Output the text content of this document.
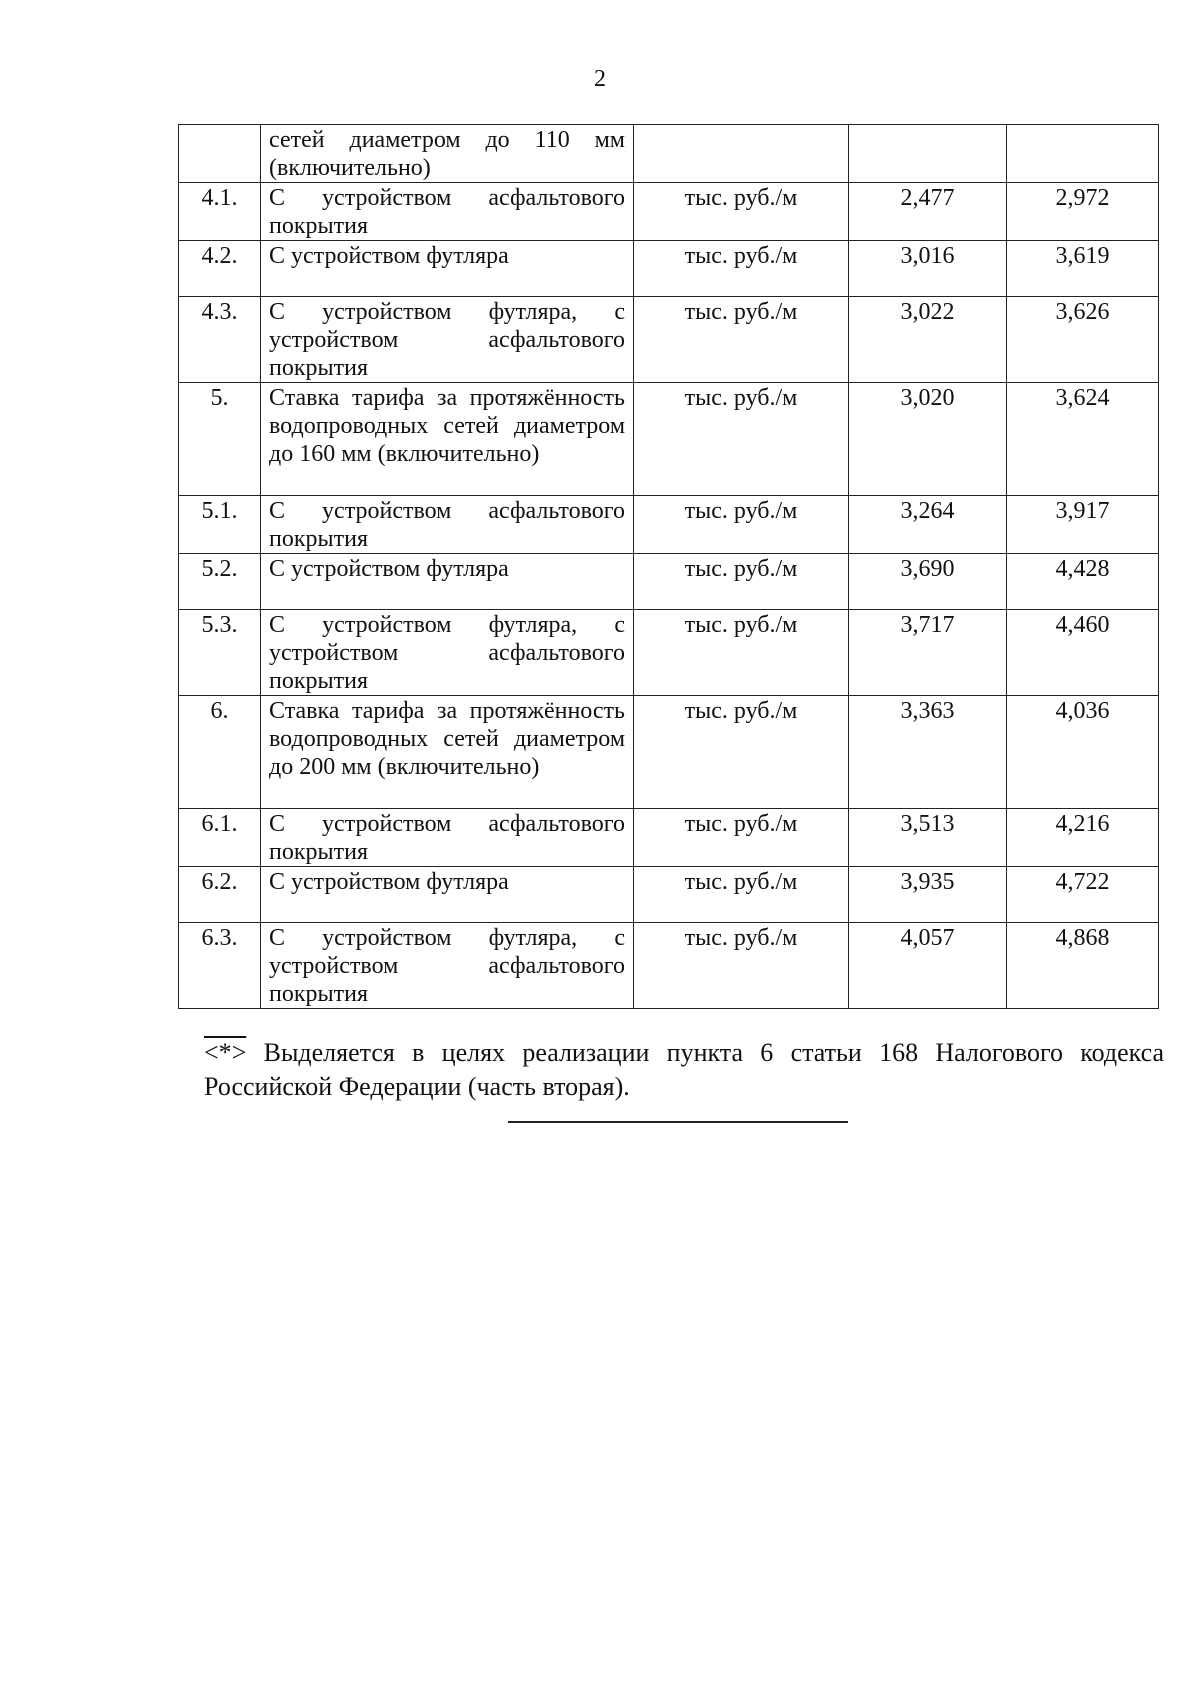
2
	сетей диаметром до 110 мм (включительно)			
4.1.	С устройством асфальтового покрытия	тыс. руб./м	2,477	2,972
4.2.	С устройством футляра	тыс. руб./м	3,016	3,619
4.3.	С устройством футляра, с устройством асфальтового покрытия	тыс. руб./м	3,022	3,626
5.	Ставка тарифа за протяжённость водопроводных сетей диаметром до 160 мм (включительно)	тыс. руб./м	3,020	3,624
5.1.	С устройством асфальтового покрытия	тыс. руб./м	3,264	3,917
5.2.	С устройством футляра	тыс. руб./м	3,690	4,428
5.3.	С устройством футляра, с устройством асфальтового покрытия	тыс. руб./м	3,717	4,460
6.	Ставка тарифа за протяжённость водопроводных сетей диаметром до 200 мм (включительно)	тыс. руб./м	3,363	4,036
6.1.	С устройством асфальтового покрытия	тыс. руб./м	3,513	4,216
6.2.	С устройством футляра	тыс. руб./м	3,935	4,722
6.3.	С устройством футляра, с устройством асфальтового покрытия	тыс. руб./м	4,057	4,868
<*> Выделяется в целях реализации пункта 6 статьи 168 Налогового кодекса Российской Федерации (часть вторая).
